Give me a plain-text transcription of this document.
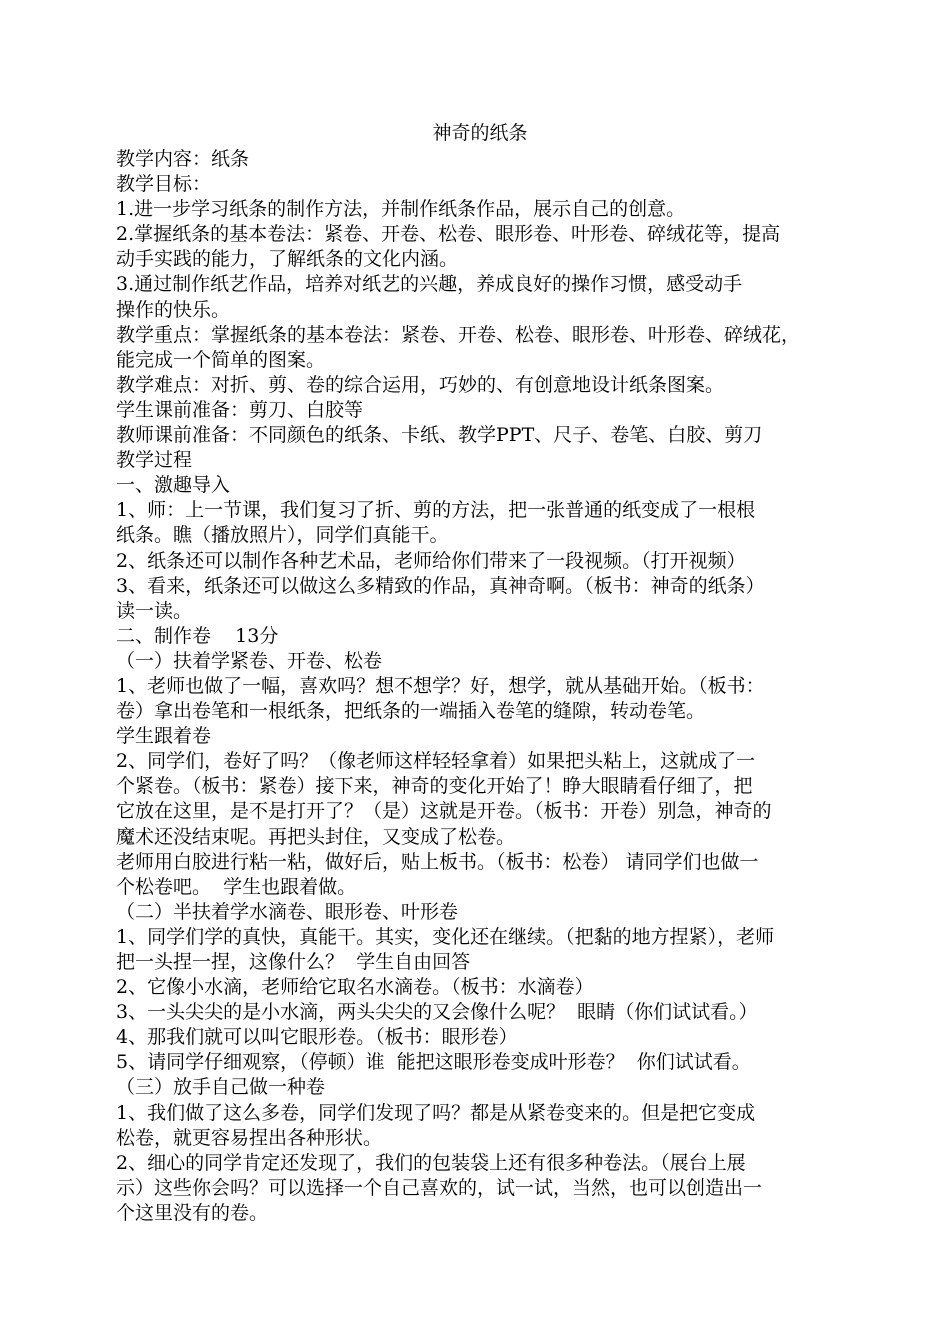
神奇的纸条

教学内容：纸条

教学目标：

1.进一步学习纸条的制作方法，并制作纸条作品，展示自己的创意。

2.掌握纸条的基本卷法：紧卷、开卷、松卷、眼形卷、叶形卷、碎绒花等，提高

动手实践的能力，了解纸条的文化内涵。

3.通过制作纸艺作品，培养对纸艺的兴趣，养成良好的操作习惯，感受动手

操作的快乐。

教学重点：掌握纸条的基本卷法：紧卷、开卷、松卷、眼形卷、叶形卷、碎绒花，

能完成一个简单的图案。

教学难点：对折、剪、卷的综合运用，巧妙的、有创意地设计纸条图案。

学生课前准备：剪刀、白胶等

教师课前准备：不同颜色的纸条、卡纸、教学PPT、尺子、卷笔、白胶、剪刀

教学过程

一、激趣导入

1、师：上一节课，我们复习了折、剪的方法，把一张普通的纸变成了一根根

纸条。瞧（播放照片），同学们真能干。

2、纸条还可以制作各种艺术品，老师给你们带来了一段视频。（打开视频）

3、看来，纸条还可以做这么多精致的作品，真神奇啊。（板书：神奇的纸条）

读一读。

二、制作卷    13分

（一）扶着学紧卷、开卷、松卷

1、老师也做了一幅，喜欢吗？想不想学？好，想学，就从基础开始。（板书：

卷）拿出卷笔和一根纸条，把纸条的一端插入卷笔的缝隙，转动卷笔。

学生跟着卷

2、同学们，卷好了吗？（像老师这样轻轻拿着）如果把头粘上，这就成了一

个紧卷。（板书：紧卷）接下来，神奇的变化开始了！睁大眼睛看仔细了，把

它放在这里，是不是打开了？（是）这就是开卷。（板书：开卷）别急，神奇的

魔术还没结束呢。再把头封住，又变成了松卷。

老师用白胶进行粘一粘，做好后，贴上板书。（板书：松卷） 请同学们也做一

个松卷吧。  学生也跟着做。

（二）半扶着学水滴卷、眼形卷、叶形卷

1、同学们学的真快，真能干。其实，变化还在继续。（把黏的地方捏紧），老师

把一头捏一捏，这像什么？  学生自由回答

2、它像小水滴，老师给它取名水滴卷。（板书：水滴卷）

3、一头尖尖的是小水滴，两头尖尖的又会像什么呢？  眼睛（你们试试看。）

4、那我们就可以叫它眼形卷。（板书：眼形卷）

5、请同学仔细观察，（停顿）谁  能把这眼形卷变成叶形卷？  你们试试看。

（三）放手自己做一种卷

1、我们做了这么多卷，同学们发现了吗？都是从紧卷变来的。但是把它变成

松卷，就更容易捏出各种形状。

2、细心的同学肯定还发现了，我们的包装袋上还有很多种卷法。（展台上展

示）这些你会吗？可以选择一个自己喜欢的，试一试，当然，也可以创造出一

个这里没有的卷。
